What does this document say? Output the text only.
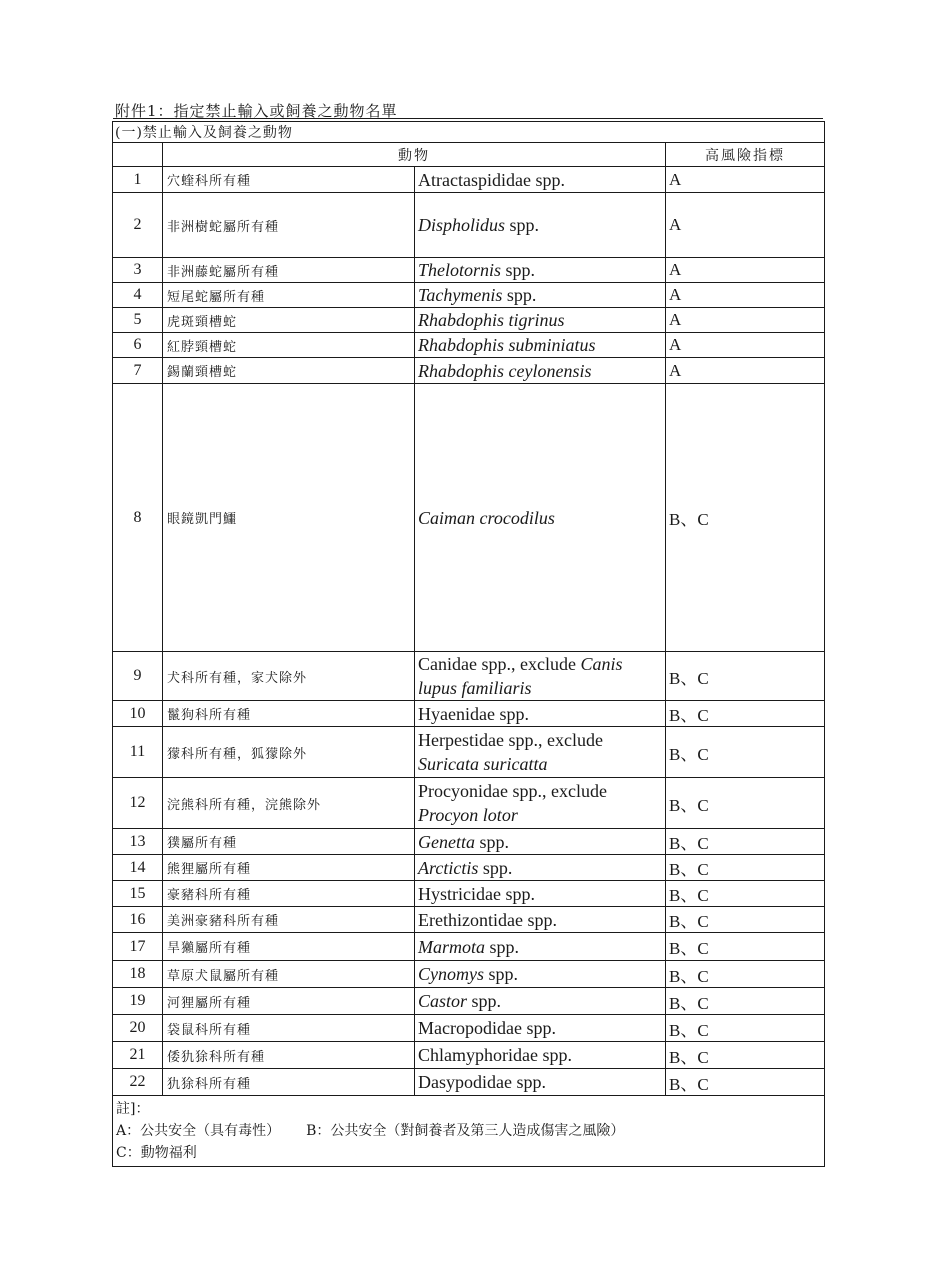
附件1：指定禁止輸入或飼養之動物名單
(一)禁止輸入及飼養之動物			
	動物		高風險指標
1	穴蝰科所有種	Atractaspididae spp.	A
2	非洲樹蛇屬所有種	Dispholidus spp.	A
3	非洲藤蛇屬所有種	Thelotornis spp.	A
4	短尾蛇屬所有種	Tachymenis spp.	A
5	虎斑頸槽蛇	Rhabdophis tigrinus	A
6	紅脖頸槽蛇	Rhabdophis subminiatus	A
7	錫蘭頸槽蛇	Rhabdophis ceylonensis	A
8	眼鏡凱門鱷	Caiman crocodilus	B、C
9	犬科所有種，家犬除外	Canidae spp., exclude Canis lupus familiaris	B、C
10	鬣狗科所有種	Hyaenidae spp.	B、C
11	獴科所有種，狐獴除外	Herpestidae spp., exclude Suricata suricatta	B、C
12	浣熊科所有種，浣熊除外	Procyonidae spp., exclude Procyon lotor	B、C
13	獛屬所有種	Genetta spp.	B、C
14	熊狸屬所有種	Arctictis spp.	B、C
15	豪豬科所有種	Hystricidae spp.	B、C
16	美洲豪豬科所有種	Erethizontidae spp.	B、C
17	旱獺屬所有種	Marmota spp.	B、C
18	草原犬鼠屬所有種	Cynomys spp.	B、C
19	河狸屬所有種	Castor spp.	B、C
20	袋鼠科所有種	Macropodidae spp.	B、C
21	倭犰狳科所有種	Chlamyphoridae spp.	B、C
22	犰狳科所有種	Dasypodidae spp.	B、C

註]：
A：公共安全（具有毒性） B：公共安全（對飼養者及第三人造成傷害之風險）
C：動物福利			
